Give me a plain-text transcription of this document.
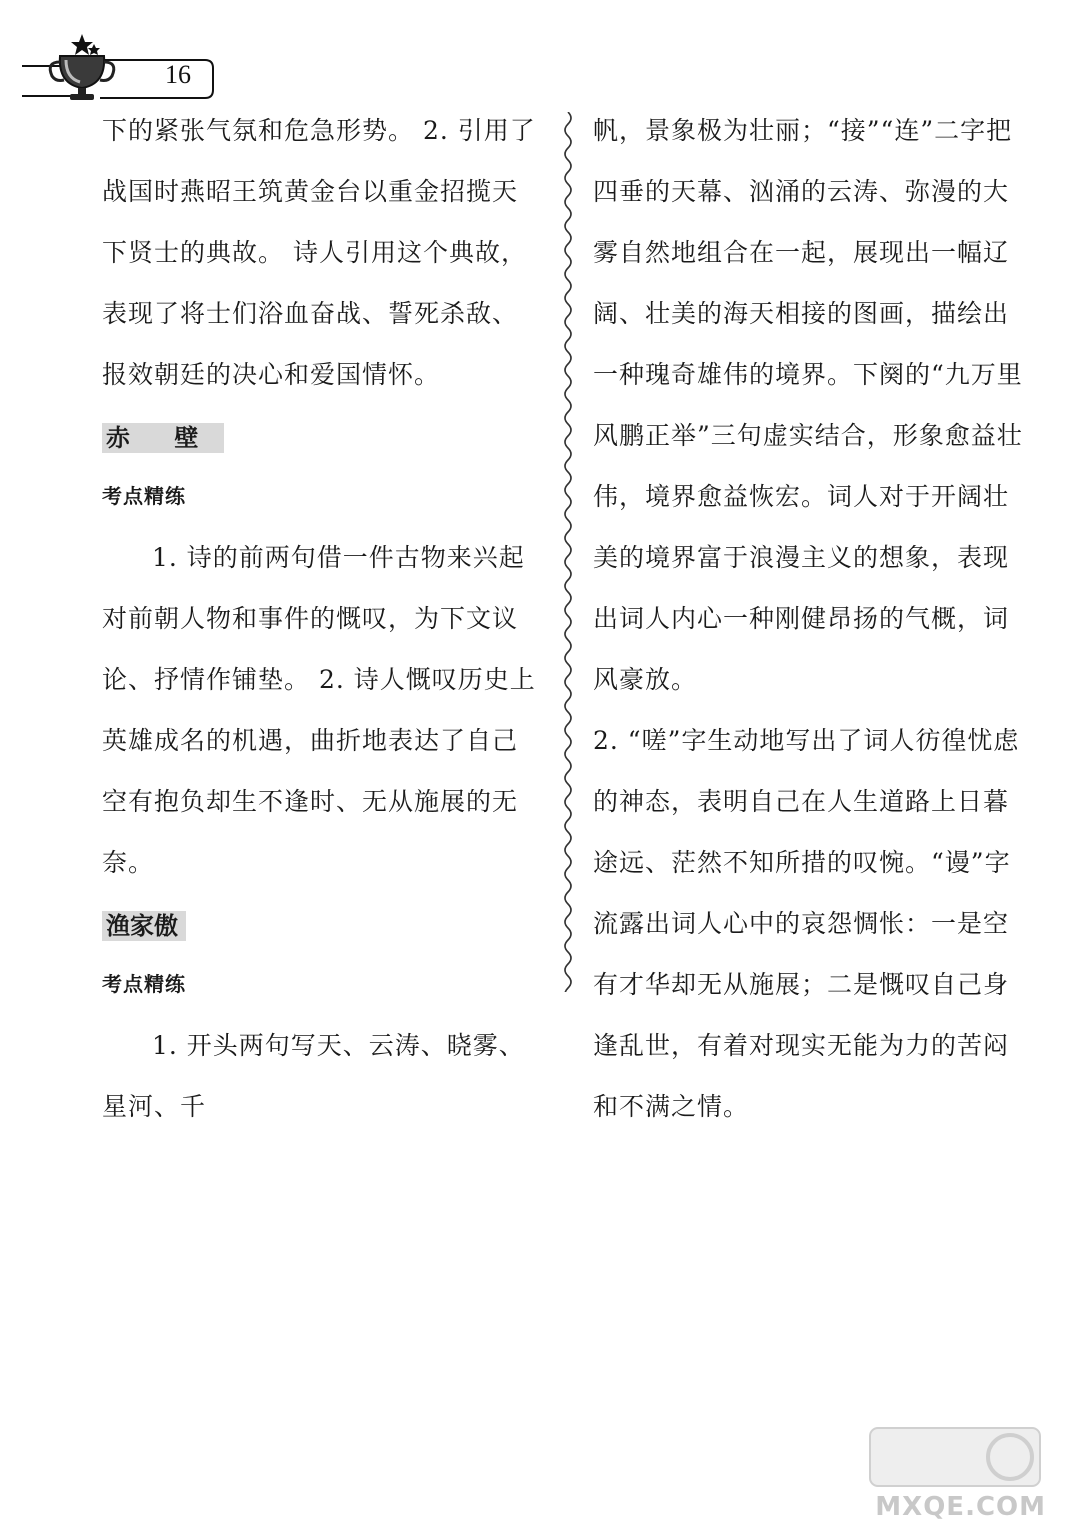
16

下的紧张气氛和危急形势。 2. 引用了战国时燕昭王筑黄金台以重金招揽天下贤士的典故。 诗人引用这个典故，表现了将士们浴血奋战、誓死杀敌、报效朝廷的决心和爱国情怀。

赤 壁
考点精练

1. 诗的前两句借一件古物来兴起对前朝人物和事件的慨叹，为下文议论、抒情作铺垫。 2. 诗人慨叹历史上英雄成名的机遇，曲折地表达了自己空有抱负却生不逢时、无从施展的无奈。

渔家傲
考点精练

1. 开头两句写天、云涛、晓雾、星河、千

帆，景象极为壮丽；“接”“连”二字把四垂的天幕、汹涌的云涛、弥漫的大雾自然地组合在一起，展现出一幅辽阔、壮美的海天相接的图画，描绘出一种瑰奇雄伟的境界。下阕的“九万里风鹏正举”三句虚实结合，形象愈益壮伟，境界愈益恢宏。词人对于开阔壮美的境界富于浪漫主义的想象，表现出词人内心一种刚健昂扬的气概，词风豪放。

2. “嗟”字生动地写出了词人彷徨忧虑的神态，表明自己在人生道路上日暮途远、茫然不知所措的叹惋。“谩”字流露出词人心中的哀怨惆怅：一是空有才华却无从施展；二是慨叹自己身逢乱世，有着对现实无能为力的苦闷和不满之情。

MXQE.COM
